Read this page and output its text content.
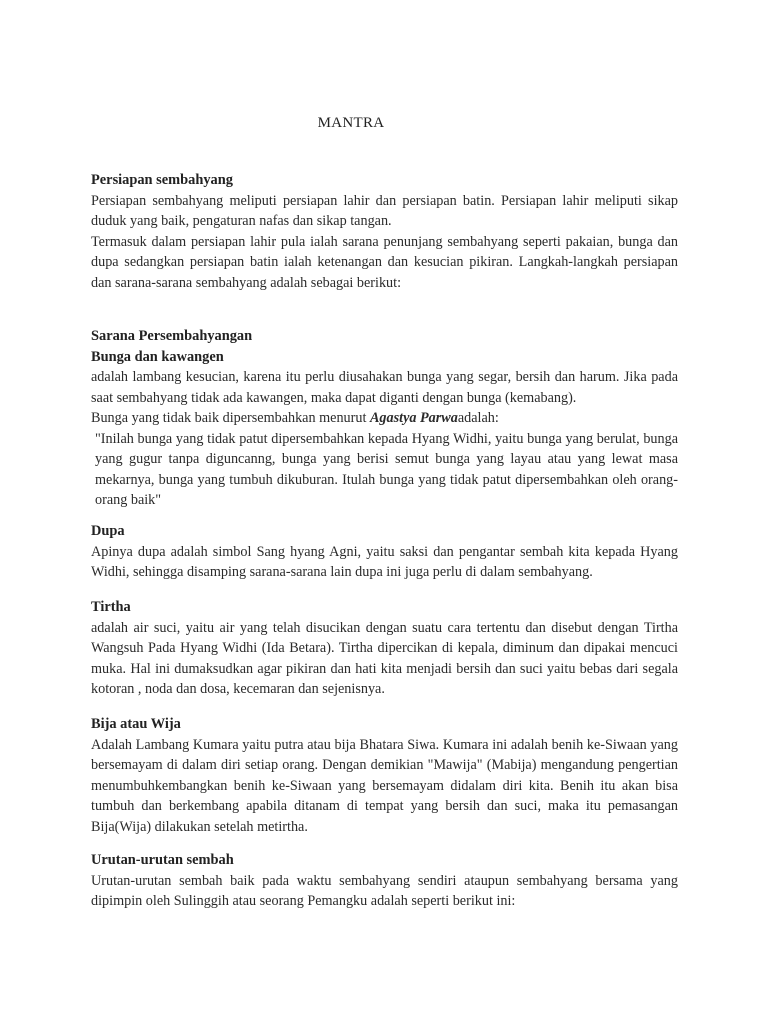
MANTRA
Persiapan sembahyang

Persiapan sembahyang meliputi persiapan lahir dan persiapan batin. Persiapan lahir meliputi sikap duduk yang baik, pengaturan nafas dan sikap tangan.

Termasuk dalam persiapan lahir pula ialah sarana penunjang sembahyang seperti pakaian, bunga dan dupa sedangkan persiapan batin ialah ketenangan dan kesucian pikiran. Langkah-langkah persiapan dan sarana-sarana sembahyang adalah sebagai berikut:

Sarana Persembahyangan
Bunga dan kawangen

adalah lambang kesucian, karena itu perlu diusahakan bunga yang segar, bersih dan harum. Jika pada saat sembahyang tidak ada kawangen, maka dapat diganti dengan bunga (kemabang).

Bunga yang tidak baik dipersembahkan menurut Agastya Parwaadalah:

"Inilah bunga yang tidak patut dipersembahkan kepada Hyang Widhi, yaitu bunga yang berulat, bunga yang gugur tanpa diguncanng, bunga yang berisi semut bunga yang layau atau yang lewat masa mekarnya, bunga yang tumbuh dikuburan. Itulah bunga yang tidak patut dipersembahkan oleh orang-orang baik"

Dupa

Apinya dupa adalah simbol Sang hyang Agni, yaitu saksi dan pengantar sembah kita kepada Hyang Widhi, sehingga disamping sarana-sarana lain dupa ini juga perlu di dalam sembahyang.

Tirtha

adalah air suci, yaitu air yang telah disucikan dengan suatu cara tertentu dan disebut dengan Tirtha Wangsuh Pada Hyang Widhi (Ida Betara). Tirtha dipercikan di kepala, diminum dan dipakai mencuci muka. Hal ini dumaksudkan agar pikiran dan hati kita menjadi bersih dan suci yaitu bebas dari segala kotoran , noda dan dosa, kecemaran dan sejenisnya.

Bija atau Wija

Adalah Lambang Kumara yaitu putra atau bija Bhatara Siwa. Kumara ini adalah benih ke-Siwaan yang bersemayam di dalam diri setiap orang. Dengan demikian "Mawija" (Mabija) mengandung pengertian menumbuhkembangkan benih ke-Siwaan yang bersemayam didalam diri kita. Benih itu akan bisa tumbuh dan berkembang apabila ditanam di tempat yang bersih dan suci, maka itu pemasangan Bija(Wija) dilakukan setelah metirtha.

Urutan-urutan sembah

Urutan-urutan sembah baik pada waktu sembahyang sendiri ataupun sembahyang bersama yang dipimpin oleh Sulinggih atau seorang Pemangku adalah seperti berikut ini:
